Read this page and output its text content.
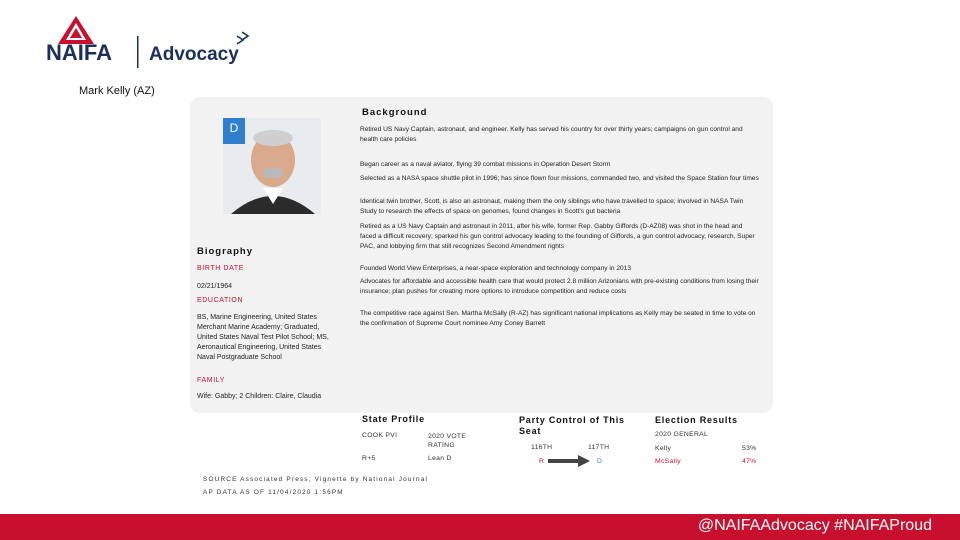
NAIFA Advocacy
Mark Kelly (AZ)
D
Biography
BIRTH DATE
02/21/1964
EDUCATION
BS, Marine Engineering, United States Merchant Marine Academy; Graduated, United States Naval Test Pilot School; MS, Aeronautical Engineering, United States Naval Postgraduate School
FAMILY
Wife: Gabby; 2 Children: Claire, Claudia
Background
Retired US Navy Captain, astronaut, and engineer. Kelly has served his country for over thirty years; campaigns on gun control and health care policies
Began career as a naval aviator, flying 39 combat missions in Operation Desert Storm
Selected as a NASA space shuttle pilot in 1996; has since flown four missions, commanded two, and visited the Space Station four times
Identical twin brother, Scott, is also an astronaut, making them the only siblings who have travelled to space; involved in NASA Twin Study to research the effects of space on genomes, found changes in Scott's gut bacteria
Retired as a US Navy Captain and astronaut in 2011, after his wife, former Rep. Gabby Giffords (D-AZ08) was shot in the head and faced a difficult recovery; sparked his gun control advocacy leading to the founding of Giffords, a gun control advocacy, research, Super PAC, and lobbying firm that still recognizes Second Amendment rights
Founded World View Enterprises, a near-space exploration and technology company in 2013
Advocates for affordable and accessible health care that would protect 2.8 million Arizonians with pre-existing conditions from losing their insurance; plan pushes for creating more options to introduce competition and reduce costs
The competitive race against Sen. Martha McSally (R-AZ) has significant national implications as Kelly may be seated in time to vote on the confirmation of Supreme Court nominee Amy Coney Barrett
State Profile
COOK PVI	2020 VOTE RATING
R+5	Lean D
Party Control of This Seat
116TH	117TH
R	D
Election Results
2020 GENERAL
Kelly	53%
McSally	47%
SOURCE Associated Press; Vignette by National Journal
AP DATA AS OF 11/04/2020 1:56PM
@NAIFAAdvocacy #NAIFAProud
